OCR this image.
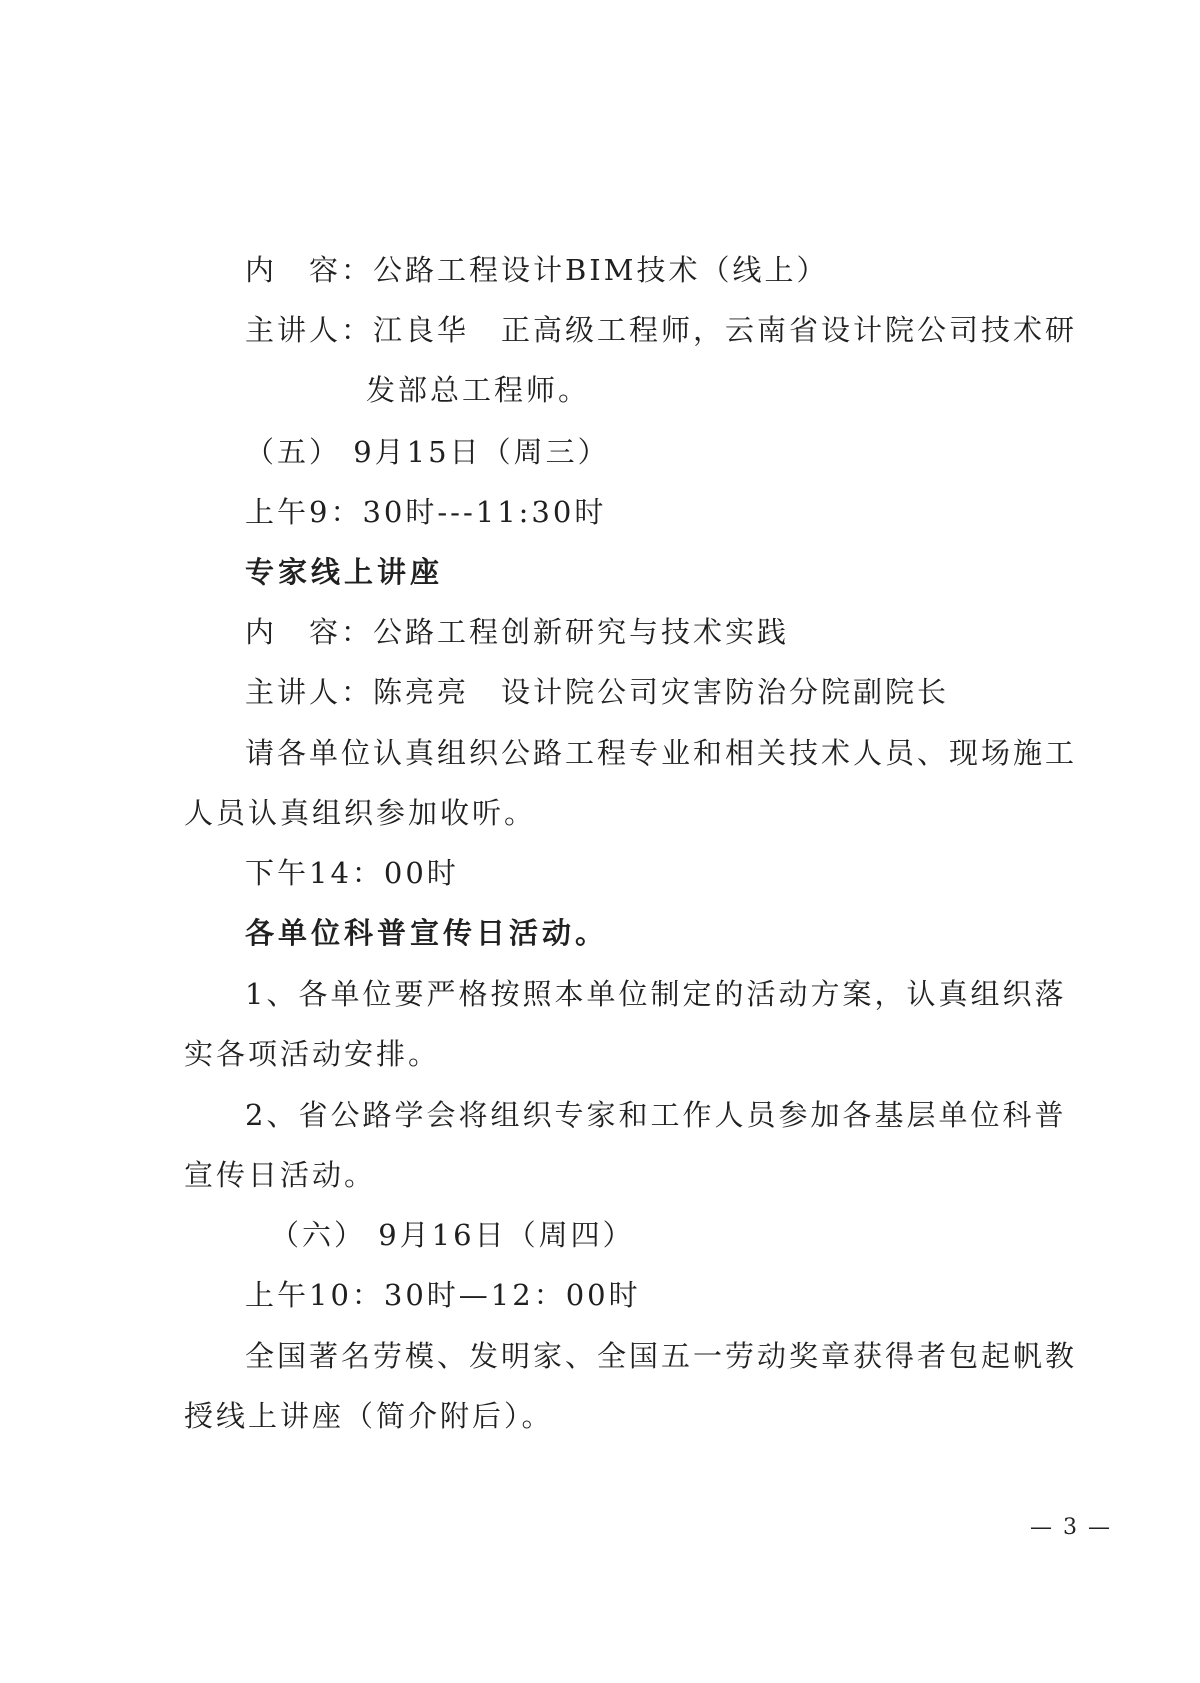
内　容：公路工程设计BIM技术（线上）
主讲人：江良华　正高级工程师，云南省设计院公司技术研
发部总工程师。
（五） 9月15日（周三）
上午9：30时---11:30时
专家线上讲座
内　容：公路工程创新研究与技术实践
主讲人：陈亮亮　设计院公司灾害防治分院副院长
请各单位认真组织公路工程专业和相关技术人员、现场施工
人员认真组织参加收听。
下午14：00时
各单位科普宣传日活动。
1、各单位要严格按照本单位制定的活动方案，认真组织落
实各项活动安排。
2、省公路学会将组织专家和工作人员参加各基层单位科普
宣传日活动。
（六） 9月16日（周四）
上午10：30时—12：00时
全国著名劳模、发明家、全国五一劳动奖章获得者包起帆教
授线上讲座（简介附后）。
— 3 —
